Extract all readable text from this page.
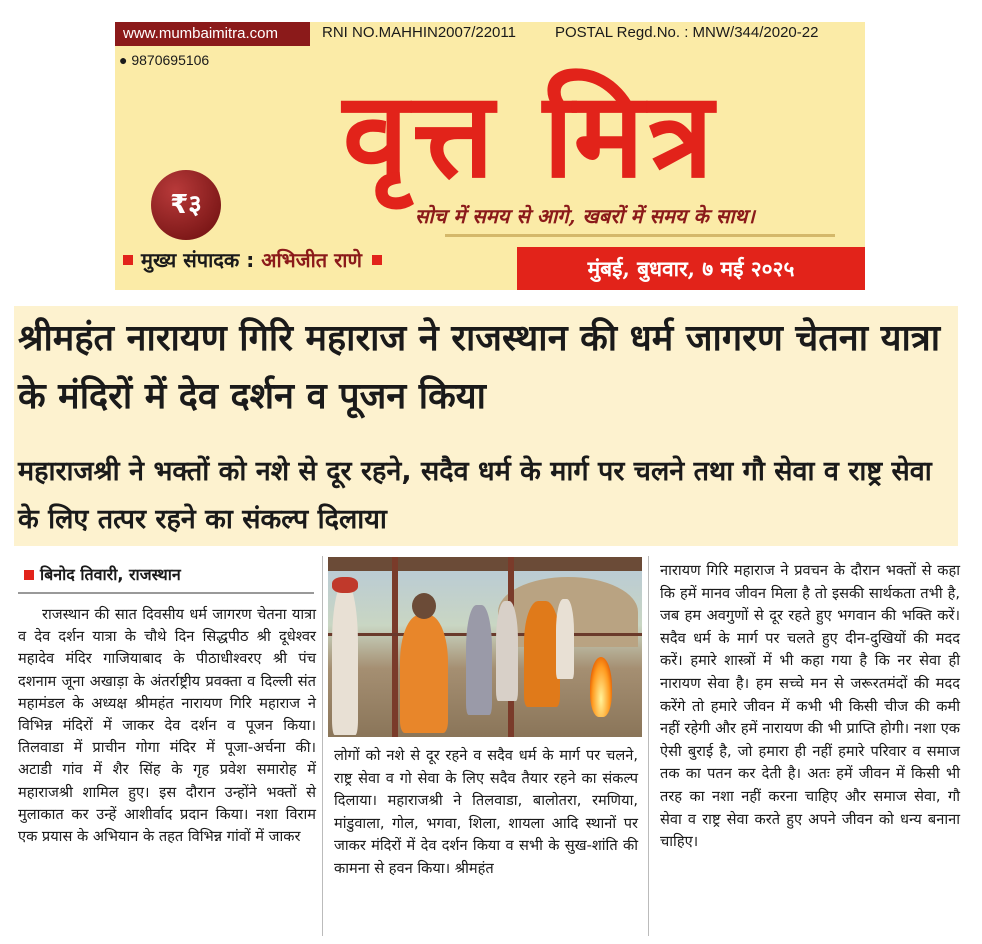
www.mumbaimitra.com	RNI NO.MAHHIN2007/22011	POSTAL Regd.No. : MNW/344/2020-22
● 9870695106
₹३
वृत्त मित्र
सोच में समय से आगे, खबरों में समय के साथ।
मुख्य संपादक : अभिजीत राणे	मुंबई, बुधवार, ७ मई २०२५
श्रीमहंत नारायण गिरि महाराज ने राजस्थान की धर्म जागरण चेतना यात्रा के मंदिरों में देव दर्शन व पूजन किया
महाराजश्री ने भक्तों को नशे से दूर रहने, सदैव धर्म के मार्ग पर चलने तथा गौ सेवा व राष्ट्र सेवा के लिए तत्पर रहने का संकल्प दिलाया
बिनोद तिवारी, राजस्थान

राजस्थान की सात दिवसीय धर्म जागरण चेतना यात्रा व देव दर्शन यात्रा के चौथे दिन सिद्धपीठ श्री दूधेश्वर महादेव मंदिर गाजियाबाद के पीठाधीश्वरए श्री पंच दशनाम जूना अखाड़ा के अंतर्राष्ट्रीय प्रवक्ता व दिल्ली संत महामंडल के अध्यक्ष श्रीमहंत नारायण गिरि महाराज ने विभिन्न मंदिरों में जाकर देव दर्शन व पूजन किया। तिलवाडा में प्राचीन गोगा मंदिर में पूजा-अर्चना की। अटाडी गांव में शैर सिंह के गृह प्रवेश समारोह में महाराजश्री शामिल हुए। इस दौरान उन्होंने भक्तों से मुलाकात कर उन्हें आशीर्वाद प्रदान किया। नशा विराम एक प्रयास के अभियान के तहत विभिन्न गांवों में जाकर

लोगों को नशे से दूर रहने व सदैव धर्म के मार्ग पर चलने, राष्ट्र सेवा व गो सेवा के लिए सदैव तैयार रहने का संकल्प दिलाया। महाराजश्री ने तिलवाडा, बालोतरा, रमणिया, मांडुवाला, गोल, भगवा, शिला, शायला आदि स्थानों पर जाकर मंदिरों में देव दर्शन किया व सभी के सुख-शांति की कामना से हवन किया। श्रीमहंत

नारायण गिरि महाराज ने प्रवचन के दौरान भक्तों से कहा कि हमें मानव जीवन मिला है तो इसकी सार्थकता तभी है, जब हम अवगुणों से दूर रहते हुए भगवान की भक्ति करें। सदैव धर्म के मार्ग पर चलते हुए दीन-दुखियों की मदद करें। हमारे शास्त्रों में भी कहा गया है कि नर सेवा ही नारायण सेवा है। हम सच्चे मन से जरूरतमंदों की मदद करेंगे तो हमारे जीवन में कभी भी किसी चीज की कमी नहीं रहेगी और हमें नारायण की भी प्राप्ति होगी। नशा एक ऐसी बुराई है, जो हमारा ही नहीं हमारे परिवार व समाज तक का पतन कर देती है। अतः हमें जीवन में किसी भी तरह का नशा नहीं करना चाहिए और समाज सेवा, गौ सेवा व राष्ट्र सेवा करते हुए अपने जीवन को धन्य बनाना चाहिए।
